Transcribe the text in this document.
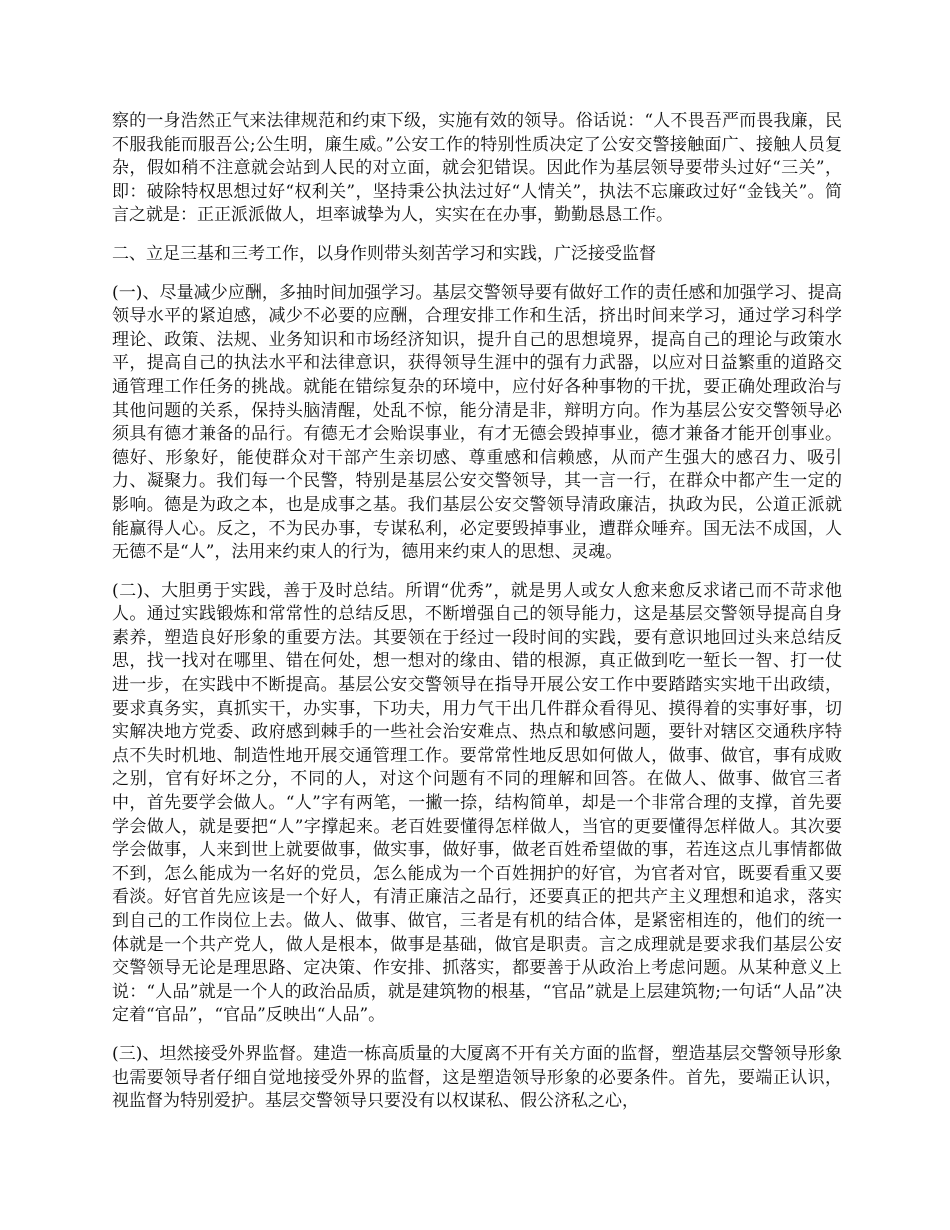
察的一身浩然正气来法律规范和约束下级，实施有效的领导。俗话说：“人不畏吾严而畏我廉，民不服我能而服吾公;公生明，廉生威。”公安工作的特别性质决定了公安交警接触面广、接触人员复杂，假如稍不注意就会站到人民的对立面，就会犯错误。因此作为基层领导要带头过好“三关”，即：破除特权思想过好“权利关”，坚持秉公执法过好“人情关”，执法不忘廉政过好“金钱关”。简言之就是：正正派派做人，坦率诚挚为人，实实在在办事，勤勤恳恳工作。

二、立足三基和三考工作，以身作则带头刻苦学习和实践，广泛接受监督

(一)、尽量减少应酬，多抽时间加强学习。基层交警领导要有做好工作的责任感和加强学习、提高领导水平的紧迫感，减少不必要的应酬，合理安排工作和生活，挤出时间来学习，通过学习科学理论、政策、法规、业务知识和市场经济知识，提升自己的思想境界，提高自己的理论与政策水平，提高自己的执法水平和法律意识，获得领导生涯中的强有力武器，以应对日益繁重的道路交通管理工作任务的挑战。就能在错综复杂的环境中，应付好各种事物的干扰，要正确处理政治与其他问题的关系，保持头脑清醒，处乱不惊，能分清是非，辩明方向。作为基层公安交警领导必须具有德才兼备的品行。有德无才会贻误事业，有才无德会毁掉事业，德才兼备才能开创事业。德好、形象好，能使群众对干部产生亲切感、尊重感和信赖感，从而产生强大的感召力、吸引力、凝聚力。我们每一个民警，特别是基层公安交警领导，其一言一行，在群众中都产生一定的影响。德是为政之本，也是成事之基。我们基层公安交警领导清政廉洁，执政为民，公道正派就能赢得人心。反之，不为民办事，专谋私利，必定要毁掉事业，遭群众唾弃。国无法不成国，人无德不是“人”，法用来约束人的行为，德用来约束人的思想、灵魂。

(二)、大胆勇于实践，善于及时总结。所谓“优秀”，就是男人或女人愈来愈反求诸己而不苛求他人。通过实践锻炼和常常性的总结反思，不断增强自己的领导能力，这是基层交警领导提高自身素养，塑造良好形象的重要方法。其要领在于经过一段时间的实践，要有意识地回过头来总结反思，找一找对在哪里、错在何处，想一想对的缘由、错的根源，真正做到吃一堑长一智、打一仗进一步，在实践中不断提高。基层公安交警领导在指导开展公安工作中要踏踏实实地干出政绩，要求真务实，真抓实干，办实事，下功夫，用力气干出几件群众看得见、摸得着的实事好事，切实解决地方党委、政府感到棘手的一些社会治安难点、热点和敏感问题，要针对辖区交通秩序特点不失时机地、制造性地开展交通管理工作。要常常性地反思如何做人，做事、做官，事有成败之别，官有好坏之分，不同的人，对这个问题有不同的理解和回答。在做人、做事、做官三者中，首先要学会做人。“人”字有两笔，一撇一捺，结构简单，却是一个非常合理的支撑，首先要学会做人，就是要把“人”字撑起来。老百姓要懂得怎样做人，当官的更要懂得怎样做人。其次要学会做事，人来到世上就要做事，做实事，做好事，做老百姓希望做的事，若连这点儿事情都做不到，怎么能成为一名好的党员，怎么能成为一个百姓拥护的好官，为官者对官，既要看重又要看淡。好官首先应该是一个好人，有清正廉洁之品行，还要真正的把共产主义理想和追求，落实到自己的工作岗位上去。做人、做事、做官，三者是有机的结合体，是紧密相连的，他们的统一体就是一个共产党人，做人是根本，做事是基础，做官是职责。言之成理就是要求我们基层公安交警领导无论是理思路、定决策、作安排、抓落实，都要善于从政治上考虑问题。从某种意义上说：“人品”就是一个人的政治品质，就是建筑物的根基，“官品”就是上层建筑物;一句话“人品”决定着“官品”，“官品”反映出“人品”。

(三)、坦然接受外界监督。建造一栋高质量的大厦离不开有关方面的监督，塑造基层交警领导形象也需要领导者仔细自觉地接受外界的监督，这是塑造领导形象的必要条件。首先，要端正认识，视监督为特别爱护。基层交警领导只要没有以权谋私、假公济私之心，
